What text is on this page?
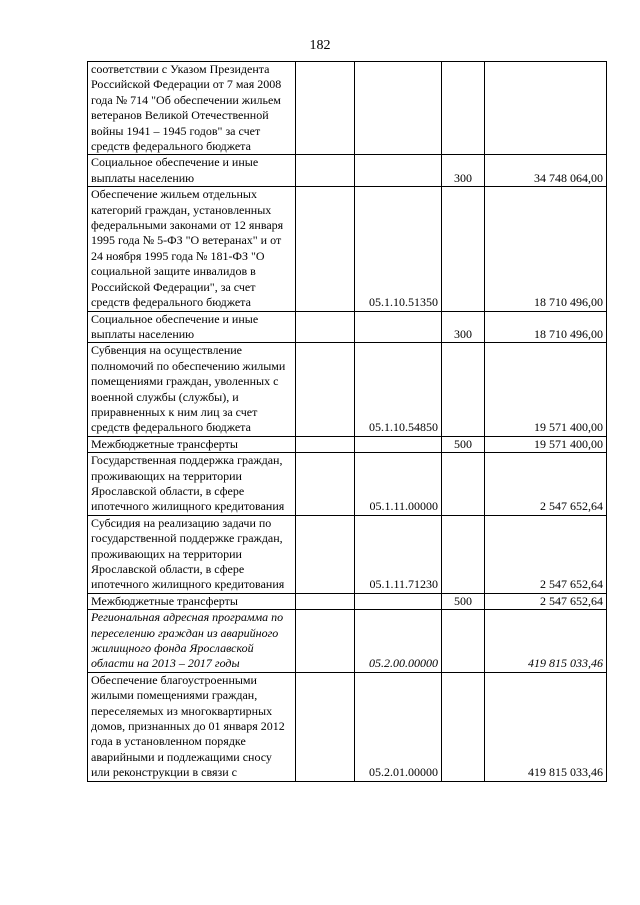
182
соответствии с Указом Президента Российской Федерации от 7 мая 2008 года № 714 "Об обеспечении жильем ветеранов Великой Отечественной войны 1941 – 1945 годов" за счет средств федерального бюджета				
Социальное обеспечение и иные выплаты населению			300	34 748 064,00
Обеспечение жильем отдельных категорий граждан, установленных федеральными законами от 12 января 1995 года № 5-ФЗ "О ветеранах" и от 24 ноября 1995 года № 181-ФЗ "О социальной защите инвалидов в Российской Федерации", за счет средств федерального бюджета		05.1.10.51350		18 710 496,00
Социальное обеспечение и иные выплаты населению			300	18 710 496,00
Субвенция на осуществление полномочий по обеспечению жилыми помещениями граждан, уволенных с военной службы (службы), и приравненных к ним лиц за счет средств федерального бюджета		05.1.10.54850		19 571 400,00
Межбюджетные трансферты			500	19 571 400,00
Государственная поддержка граждан, проживающих на территории Ярославской области, в сфере ипотечного жилищного кредитования		05.1.11.00000		2 547 652,64
Субсидия на реализацию задачи по государственной поддержке граждан, проживающих на территории Ярославской области, в сфере ипотечного жилищного кредитования		05.1.11.71230		2 547 652,64
Межбюджетные трансферты			500	2 547 652,64
Региональная адресная программа по переселению граждан из аварийного жилищного фонда Ярославской области на 2013 – 2017 годы		05.2.00.00000		419 815 033,46
Обеспечение благоустроенными жилыми помещениями граждан, переселяемых из многоквартирных домов, признанных до 01 января 2012 года в установленном порядке аварийными и подлежащими сносу или реконструкции в связи с		05.2.01.00000		419 815 033,46
